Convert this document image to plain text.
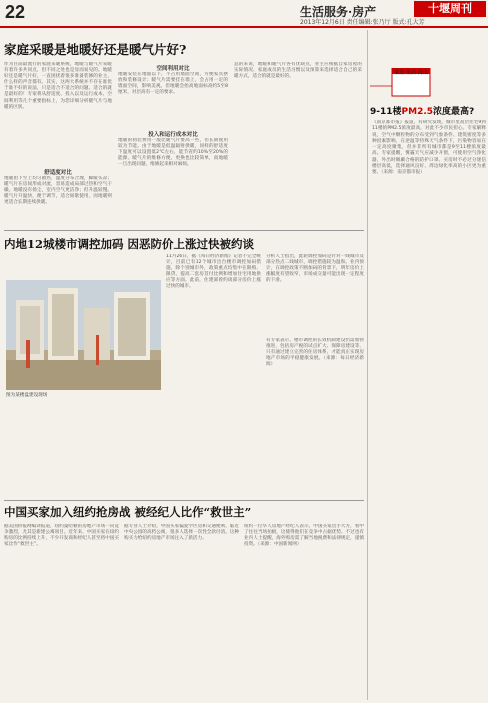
22	生活服务·房产	十堰周刊
2013年12月6日 责任编辑:张乃厅 版式:孔大芳
家庭采暖是地暖好还是暖气片好?
作为目前最流行的家庭采暖系统，地暖与暖气片采暖有着许多共同点，但不同之处也是显而易见的。地暖好还是暖气片好，一直困扰着很多准备装修的业主，什么样的声音都有。其实，这两大系统并不存在谁优于谁不好的说法，只是适合不适合的问题。适合的就是最好的！专家将从舒适度、投入以及运行成本、空间利用等几个重要指标上，为您详细分析暖气片与地暖的区别。
舒适度对比
地暖由下至上均匀散热，温度分布合理，脚暖头凉；暖气片在房间形成对流，容易造成局部过热和空气干燥。地暖没有扬尘，室内空气更洁净；但升温较慢。暖气片升温快，便于调节，适合间歇使用，而地暖则更适合长期连续供暖。
空间利用对比
地暖安装在地面以下，不占用墙面空间，方便家具摆放和装修设计；暖气片需要挂在墙上，会占用一定的墙面空间，影响美观。但地暖会抬高地面标高约5至8厘米，对层高有一定的要求。
投入和运行成本对比
地暖的初装费用一般比暖气片要高一些，但长期使用较为节能。由于地暖是低温辐射供暖，同样的舒适度下温度可以设置低2℃左右，能节省约10%至20%的能源。暖气片的维修方便，更换也比较简单，而地暖一旦出现问题，维修起来相对麻烦。
总的来说，地暖和暖气片各有优缺点，业主应根据自家房屋的实际情况、家庭成员的生活习惯以及预算来选择适合自己的采暖方式，适合的就是最好的。
内地12城楼市调控加码 因恶防价上涨过快被约谈
图为某楼盘建设现场
11月26日，据《每日经济新闻》记者不完全统计，目前已有12个城市出台楼市调控加码措施，除个别城市外，政策重点均集中在限购、限贷、提高二套房首付比例和增加住宅用地供应等方面。此前，住建部曾约谈部分房价上涨过快的城市。
分析人士指出，此轮调控加码是针对一线城市及部分热点二线城市，调控措施较为温和。业内预计，在调控政策不断加码的背景下，明年房价上涨幅度有望收窄，市场成交量可能出现一定程度的下滑。
有专家表示，楼市调控的长效机制建设仍需加快推进，包括房产税的试点扩大、保障房建设等，只有通过建立完善的住房体系，才能真正实现房地产市场的平稳健康发展。（来源：每日经济新闻）
中国买家加入纽约抢房战 被经纪人比作“救世主”
据美国侨报网编译报道，纽约曼哈顿的房地产市场一向竞争激烈，尤其是新建公寓项目。近年来，中国买家在纽约购房的比例持续上升，不少开发商和经纪人甚至将中国买家比作“救世主”。
据专业人士介绍，中国买家偏爱学区房和交通便利、临近中央公园的高档公寓，很多人选择一次性全款付清。这种购买力给纽约房地产市场注入了新活力。
纽约一位华人房地产经纪人表示，中国买家出手大方，看中了往往当场拍板，这使得他们在竞争中占据优势。不过也有业内人士提醒，海外购房需了解当地税费和法律规定，谨慎投资。（来源：中国新闻网）
家居 生活 资讯
9-11楼PM2.5浓度最高?
《南京都市报》报道，有研究发现，城市里高层住宅9到11楼的PM2.5浓度最高，对此不少市民担心。专家解释说，空气中颗粒物的分布受到气象条件、建筑密度等多种因素影响，在逆温等特殊天气条件下，污染物容易在一定高度聚集，但并非所有城市都是9至11楼浓度最高。专家提醒，雾霾天气应减少开窗，可使用空气净化器，外出时佩戴合格的防护口罩。买房时不必过分迷信楼层高低，选择通风良好、周边绿化率高的小区更为重要。（来源：南京都市报）
